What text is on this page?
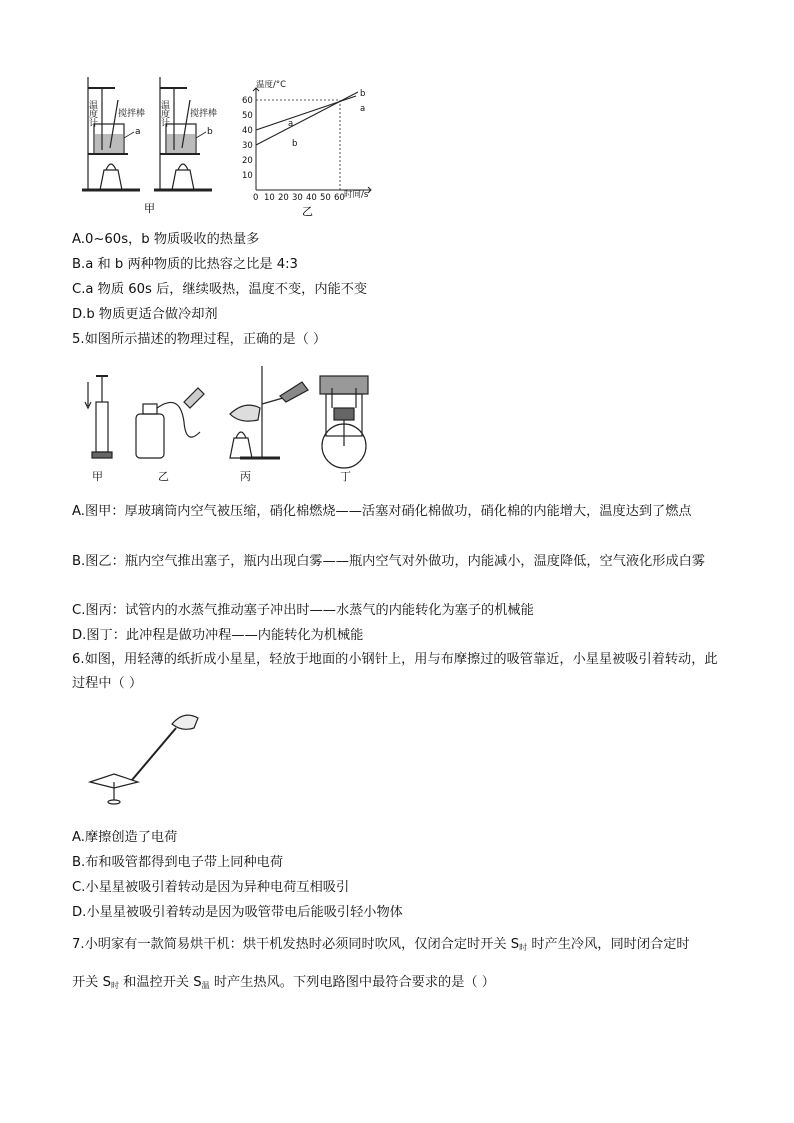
温度计 搅拌棒
a
温度计 搅拌棒
b
甲
温度/°C
时间/s
60
50
40
30
20
10
0 10 20 30 40 50 60
a
b
b
a
乙
A.0~60s，b 物质吸收的热量多
B.a 和 b 两种物质的比热容之比是 4:3
C.a 物质 60s 后，继续吸热，温度不变，内能不变
D.b 物质更适合做冷却剂
5.如图所示描述的物理过程，正确的是（ ）
甲	乙	丙	丁
A.图甲：厚玻璃筒内空气被压缩，硝化棉燃烧——活塞对硝化棉做功，硝化棉的内能增大，温度达到了燃点
B.图乙：瓶内空气推出塞子，瓶内出现白雾——瓶内空气对外做功，内能减小，温度降低，空气液化形成白雾
C.图丙：试管内的水蒸气推动塞子冲出时——水蒸气的内能转化为塞子的机械能
D.图丁：此冲程是做功冲程——内能转化为机械能
6.如图，用轻薄的纸折成小星星，轻放于地面的小钢针上，用与布摩擦过的吸管靠近，小星星被吸引着转动，此过程中（ ）
A.摩擦创造了电荷
B.布和吸管都得到电子带上同种电荷
C.小星星被吸引着转动是因为异种电荷互相吸引
D.小星星被吸引着转动是因为吸管带电后能吸引轻小物体
7.小明家有一款简易烘干机：烘干机发热时必须同时吹风，仅闭合定时开关 $S_时$ 时产生冷风，同时闭合定时
开关 $S_时$ 和温控开关 $S_温$ 时产生热风。下列电路图中最符合要求的是（ ）
